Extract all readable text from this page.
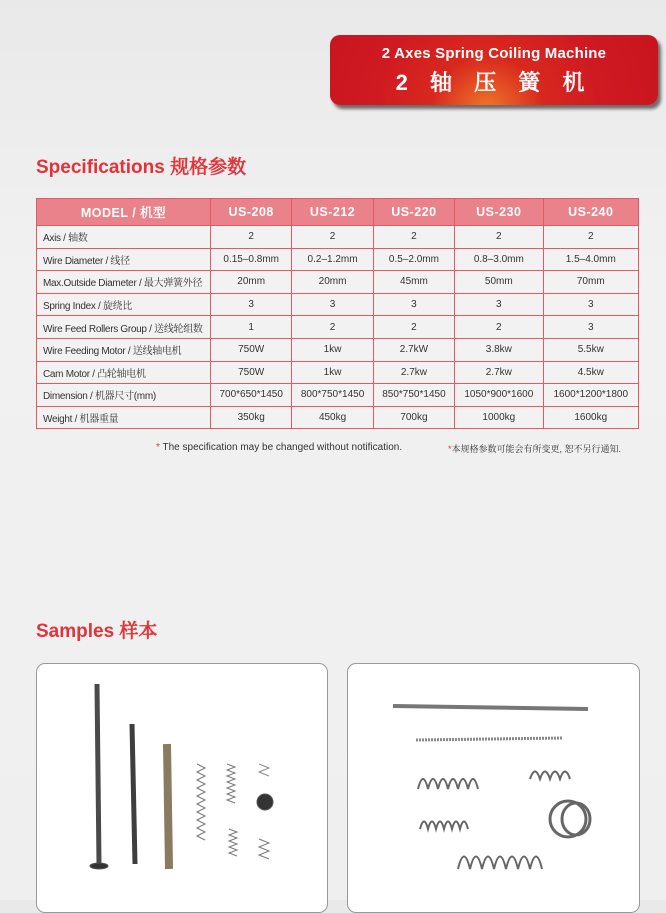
2 Axes Spring Coiling Machine
2 轴 压 簧 机
Specifications 规格参数
MODEL / 机型	US-208	US-212	US-220	US-230	US-240
Axis / 轴数	2	2	2	2	2
Wire Diameter / 线径	0.15–0.8mm	0.2–1.2mm	0.5–2.0mm	0.8–3.0mm	1.5–4.0mm
Max.Outside Diameter / 最大弹簧外径	20mm	20mm	45mm	50mm	70mm
Spring Index / 旋绕比	3	3	3	3	3
Wire Feed Rollers Group / 送线轮组数	1	2	2	2	3
Wire Feeding Motor / 送线轴电机	750W	1kw	2.7kW	3.8kw	5.5kw
Cam Motor / 凸轮轴电机	750W	1kw	2.7kw	2.7kw	4.5kw
Dimension / 机器尺寸(mm)	700*650*1450	800*750*1450	850*750*1450	1050*900*1600	1600*1200*1800
Weight / 机器重量	350kg	450kg	700kg	1000kg	1600kg
* The specification may be changed without notification.	*本规格参数可能会有所变更, 恕不另行通知.
Samples 样本
